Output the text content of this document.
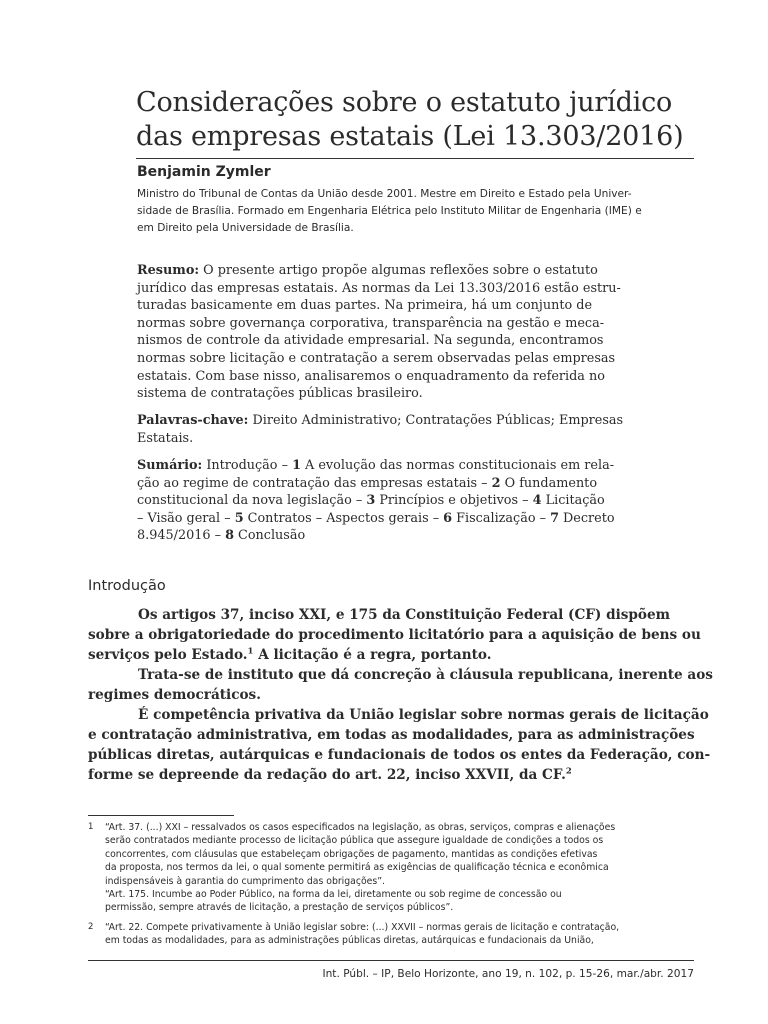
Considerações sobre o estatuto jurídico
das empresas estatais (Lei 13.303/2016)
Benjamin Zymler
Ministro do Tribunal de Contas da União desde 2001. Mestre em Direito e Estado pela Univer-
sidade de Brasília. Formado em Engenharia Elétrica pelo Instituto Militar de Engenharia (IME) e
em Direito pela Universidade de Brasília.
Resumo: O presente artigo propõe algumas reflexões sobre o estatuto
jurídico das empresas estatais. As normas da Lei 13.303/2016 estão estru-
turadas basicamente em duas partes. Na primeira, há um conjunto de
normas sobre governança corporativa, transparência na gestão e meca-
nismos de controle da atividade empresarial. Na segunda, encontramos
normas sobre licitação e contratação a serem observadas pelas empresas
estatais. Com base nisso, analisaremos o enquadramento da referida no
sistema de contratações públicas brasileiro.
Palavras-chave: Direito Administrativo; Contratações Públicas; Empresas
Estatais.
Sumário: Introdução – 1 A evolução das normas constitucionais em rela-
ção ao regime de contratação das empresas estatais – 2 O fundamento
constitucional da nova legislação – 3 Princípios e objetivos – 4 Licitação
– Visão geral – 5 Contratos – Aspectos gerais – 6 Fiscalização – 7 Decreto
8.945/2016 – 8 Conclusão
Introdução
Os artigos 37, inciso XXI, e 175 da Constituição Federal (CF) dispõem
sobre a obrigatoriedade do procedimento licitatório para a aquisição de bens ou
serviços pelo Estado.$^1$ A licitação é a regra, portanto.
Trata-se de instituto que dá concreção à cláusula republicana, inerente aos
regimes democráticos.
É competência privativa da União legislar sobre normas gerais de licitação
e contratação administrativa, em todas as modalidades, para as administrações
públicas diretas, autárquicas e fundacionais de todos os entes da Federação, con-
forme se depreende da redação do art. 22, inciso XXVII, da CF.$^2$
1 “Art. 37. (...) XXI – ressalvados os casos especificados na legislação, as obras, serviços, compras e alienações
serão contratados mediante processo de licitação pública que assegure igualdade de condições a todos os
concorrentes, com cláusulas que estabeleçam obrigações de pagamento, mantidas as condições efetivas
da proposta, nos termos da lei, o qual somente permitirá as exigências de qualificação técnica e econômica
indispensáveis à garantia do cumprimento das obrigações”.
“Art. 175. Incumbe ao Poder Público, na forma da lei, diretamente ou sob regime de concessão ou
permissão, sempre através de licitação, a prestação de serviços públicos”.
2 “Art. 22. Compete privativamente à União legislar sobre: (...) XXVII – normas gerais de licitação e contratação,
em todas as modalidades, para as administrações públicas diretas, autárquicas e fundacionais da União,
Int. Públ. – IP, Belo Horizonte, ano 19, n. 102, p. 15-26, mar./abr. 2017
